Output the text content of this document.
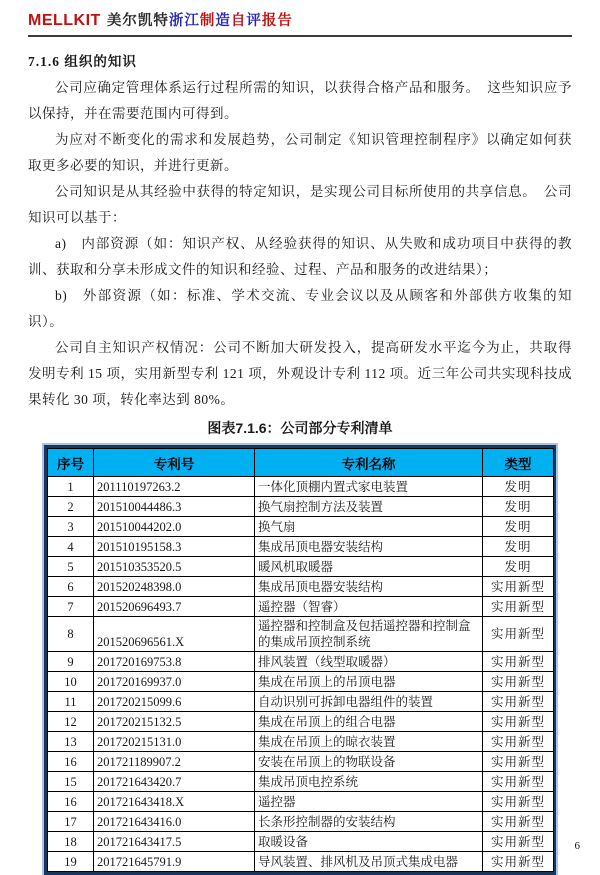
MELLKIT 美尔凯特浙江制造自评报告
7.1.6 组织的知识

公司应确定管理体系运行过程所需的知识，以获得合格产品和服务。　这些知识应予以保持，并在需要范围内可得到。

为应对不断变化的需求和发展趋势，公司制定《知识管理控制程序》以确定如何获取更多必要的知识，并进行更新。

公司知识是从其经验中获得的特定知识，是实现公司目标所使用的共享信息。　公司知识可以基于：

a)　内部资源（如：知识产权、从经验获得的知识、从失败和成功项目中获得的教训、获取和分享未形成文件的知识和经验、过程、产品和服务的改进结果）；

b)　外部资源（如：标准、学术交流、专业会议以及从顾客和外部供方收集的知识）。

公司自主知识产权情况：公司不断加大研发投入，提高研发水平迄今为止，共取得发明专利 15 项，实用新型专利 121 项，外观设计专利 112 项。近三年公司共实现科技成果转化 30 项，转化率达到 80%。

图表7.1.6：公司部分专利清单
序号	专利号	专利名称	类型
1	201110197263.2	一体化顶棚内置式家电装置	发明
2	201510044486.3	换气扇控制方法及装置	发明
3	201510044202.0	换气扇	发明
4	201510195158.3	集成吊顶电器安装结构	发明
5	201510353520.5	暖风机取暖器	发明
6	201520248398.0	集成吊顶电器安装结构	实用新型
7	201520696493.7	遥控器（智睿）	实用新型
8	201520696561.X	遥控器和控制盒及包括遥控器和控制盒的集成吊顶控制系统	实用新型
9	201720169753.8	排风装置（线型取暖器）	实用新型
10	201720169937.0	集成在吊顶上的吊顶电器	实用新型
11	201720215099.6	自动识别可拆卸电器组件的装置	实用新型
12	201720215132.5	集成在吊顶上的组合电器	实用新型
13	201720215131.0	集成在吊顶上的晾衣装置	实用新型
16	201721189907.2	安装在吊顶上的物联设备	实用新型
15	201721643420.7	集成吊顶电控系统	实用新型
16	201721643418.X	遥控器	实用新型
17	201721643416.0	长条形控制器的安装结构	实用新型
18	201721643417.5	取暖设备	实用新型
19	201721645791.9	导风装置、排风机及吊顶式集成电器	实用新型
6
